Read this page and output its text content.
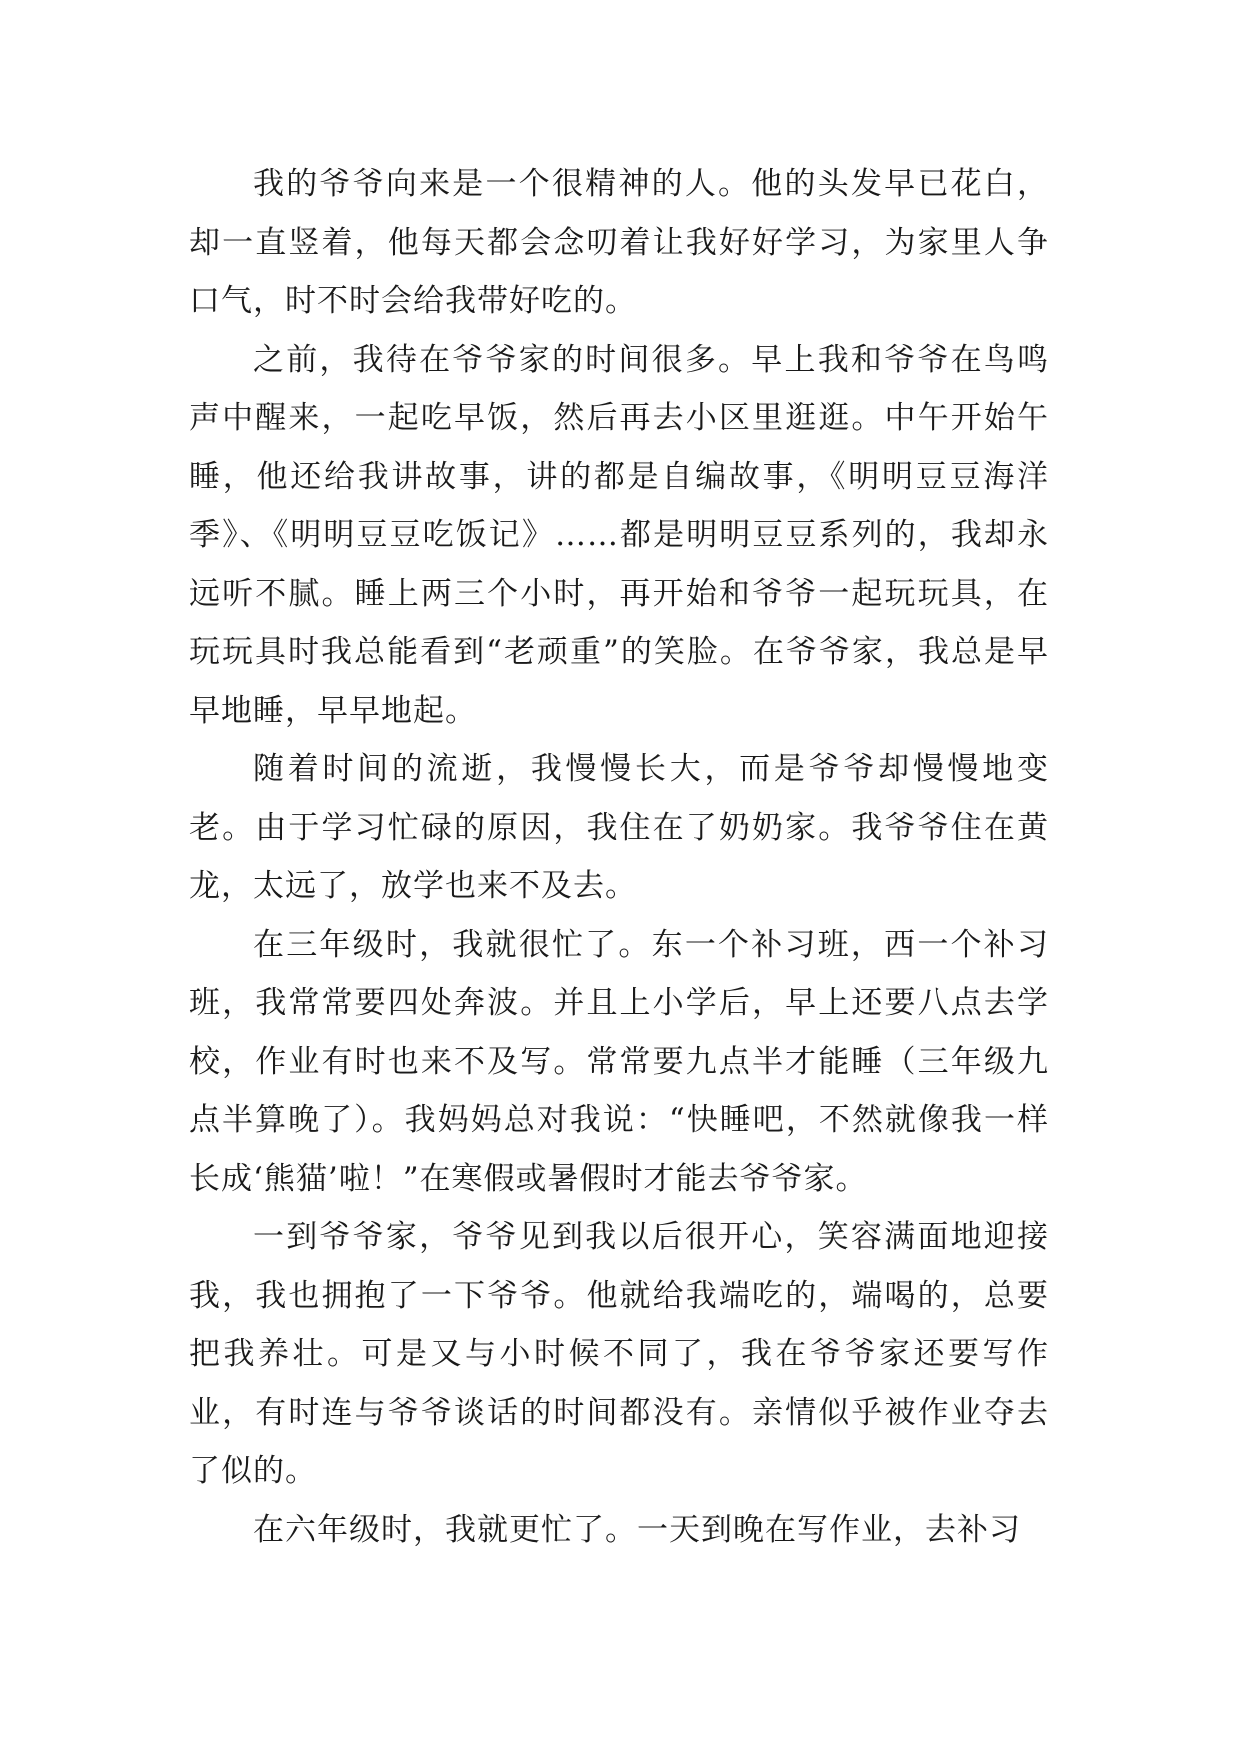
我的爷爷向来是一个很精神的人。他的头发早已花白，却一直竖着，他每天都会念叨着让我好好学习，为家里人争口气，时不时会给我带好吃的。

之前，我待在爷爷家的时间很多。早上我和爷爷在鸟鸣声中醒来，一起吃早饭，然后再去小区里逛逛。中午开始午睡，他还给我讲故事，讲的都是自编故事，《明明豆豆海洋季》、《明明豆豆吃饭记》……都是明明豆豆系列的，我却永远听不腻。睡上两三个小时，再开始和爷爷一起玩玩具，在玩玩具时我总能看到“老顽重”的笑脸。在爷爷家，我总是早早地睡，早早地起。

随着时间的流逝，我慢慢长大，而是爷爷却慢慢地变老。由于学习忙碌的原因，我住在了奶奶家。我爷爷住在黄龙，太远了，放学也来不及去。

在三年级时，我就很忙了。东一个补习班，西一个补习班，我常常要四处奔波。并且上小学后，早上还要八点去学校，作业有时也来不及写。常常要九点半才能睡（三年级九点半算晚了）。我妈妈总对我说：“快睡吧，不然就像我一样长成‘熊猫’啦！”在寒假或暑假时才能去爷爷家。

一到爷爷家，爷爷见到我以后很开心，笑容满面地迎接我，我也拥抱了一下爷爷。他就给我端吃的，端喝的，总要把我养壮。可是又与小时候不同了，我在爷爷家还要写作业，有时连与爷爷谈话的时间都没有。亲情似乎被作业夺去了似的。

在六年级时，我就更忙了。一天到晚在写作业，去补习
